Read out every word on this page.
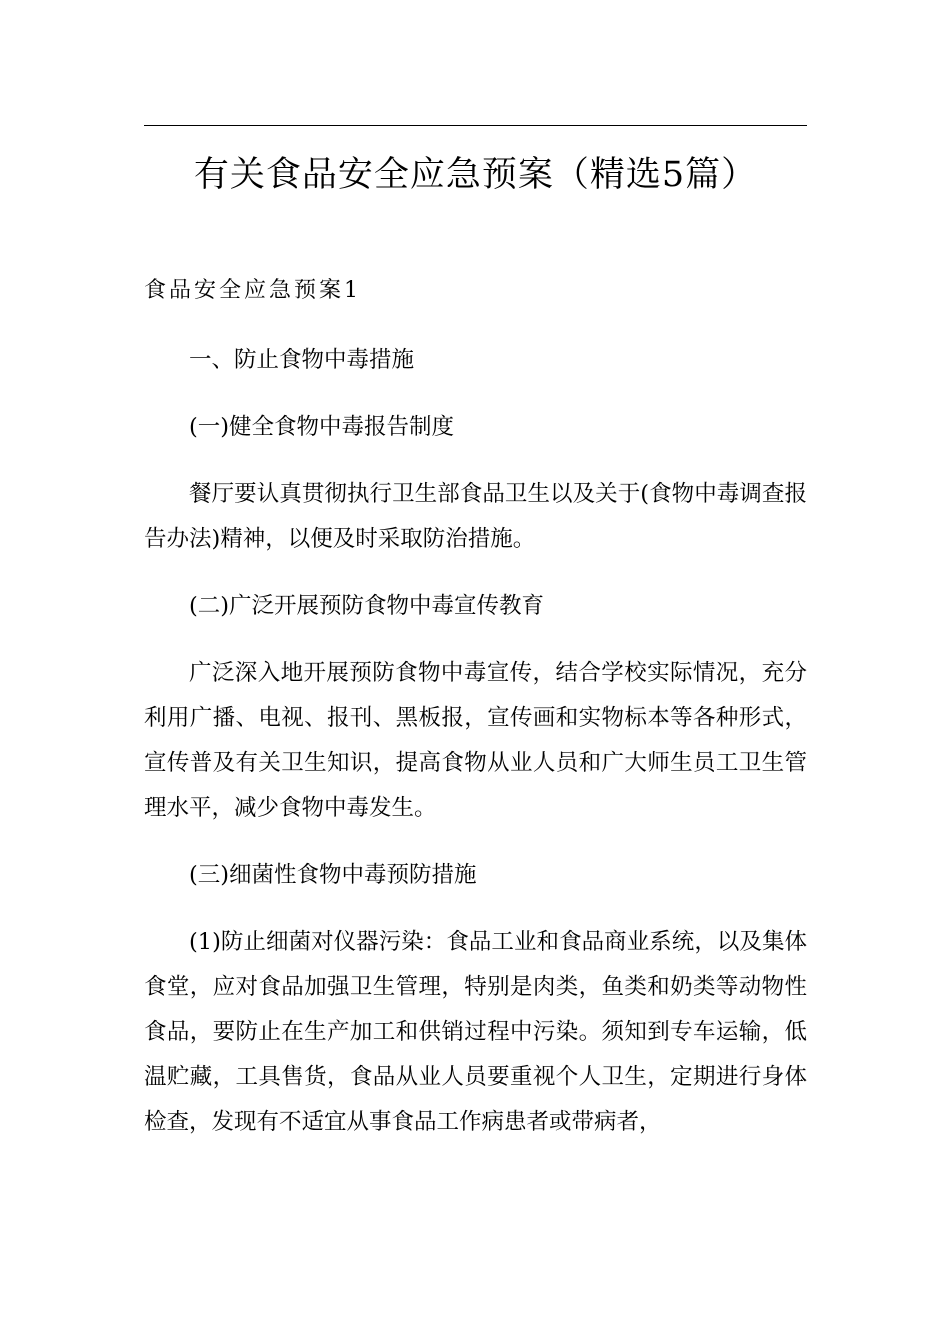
有关食品安全应急预案（精选5篇）
食品安全应急预案1

一、防止食物中毒措施

(一)健全食物中毒报告制度

餐厅要认真贯彻执行卫生部食品卫生以及关于(食物中毒调查报告办法)精神，以便及时采取防治措施。

(二)广泛开展预防食物中毒宣传教育

广泛深入地开展预防食物中毒宣传，结合学校实际情况，充分利用广播、电视、报刊、黑板报，宣传画和实物标本等各种形式，宣传普及有关卫生知识，提高食物从业人员和广大师生员工卫生管理水平，减少食物中毒发生。

(三)细菌性食物中毒预防措施

(1)防止细菌对仪器污染：食品工业和食品商业系统，以及集体食堂，应对食品加强卫生管理，特别是肉类，鱼类和奶类等动物性食品，要防止在生产加工和供销过程中污染。须知到专车运输，低温贮藏，工具售货，食品从业人员要重视个人卫生，定期进行身体检查，发现有不适宜从事食品工作病患者或带病者，
